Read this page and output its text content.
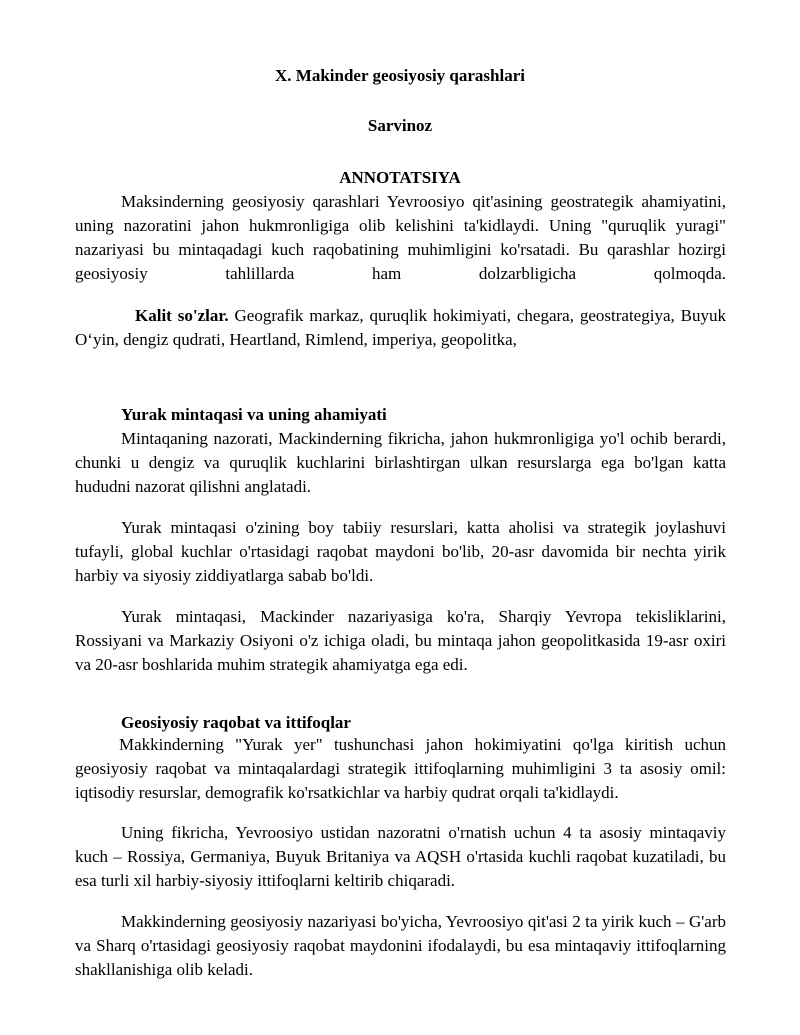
X. Makinder geosiyosiy qarashlari
Sarvinoz
ANNOTATSIYA

Maksinderning geosiyosiy qarashlari Yevroosiyo qit'asining geostrategik ahamiyatini, uning nazoratini jahon hukmronligiga olib kelishini ta'kidlaydi. Uning "quruqlik yuragi" nazariyasi bu mintaqadagi kuch raqobatining muhimligini ko'rsatadi. Bu qarashlar hozirgi geosiyosiy tahlillarda ham dolzarbligicha qolmoqda.

Kalit so'zlar. Geografik markaz, quruqlik hokimiyati, chegara, geostrategiya, Buyuk O‘yin, dengiz qudrati, Heartland, Rimlend, imperiya, geopolitka,

Yurak mintaqasi va uning ahamiyati

Mintaqaning nazorati, Mackinderning fikricha, jahon hukmronligiga yo'l ochib berardi, chunki u dengiz va quruqlik kuchlarini birlashtirgan ulkan resurslarga ega bo'lgan katta hududni nazorat qilishni anglatadi.

Yurak mintaqasi o'zining boy tabiiy resurslari, katta aholisi va strategik joylashuvi tufayli, global kuchlar o'rtasidagi raqobat maydoni bo'lib, 20-asr davomida bir nechta yirik harbiy va siyosiy ziddiyatlarga sabab bo'ldi.

Yurak mintaqasi, Mackinder nazariyasiga ko'ra, Sharqiy Yevropa tekisliklarini, Rossiyani va Markaziy Osiyoni o'z ichiga oladi, bu mintaqa jahon geopolitkasida 19-asr oxiri va 20-asr boshlarida muhim strategik ahamiyatga ega edi.

Geosiyosiy raqobat va ittifoqlar

Makkinderning "Yurak yer" tushunchasi jahon hokimiyatini qo'lga kiritish uchun geosiyosiy raqobat va mintaqalardagi strategik ittifoqlarning muhimligini 3 ta asosiy omil: iqtisodiy resurslar, demografik ko'rsatkichlar va harbiy qudrat orqali ta'kidlaydi.

Uning fikricha, Yevroosiyo ustidan nazoratni o'rnatish uchun 4 ta asosiy mintaqaviy kuch – Rossiya, Germaniya, Buyuk Britaniya va AQSH o'rtasida kuchli raqobat kuzatiladi, bu esa turli xil harbiy-siyosiy ittifoqlarni keltirib chiqaradi.

Makkinderning geosiyosiy nazariyasi bo'yicha, Yevroosiyo qit'asi 2 ta yirik kuch – G'arb va Sharq o'rtasidagi geosiyosiy raqobat maydonini ifodalaydi, bu esa mintaqaviy ittifoqlarning shakllanishiga olib keladi.
